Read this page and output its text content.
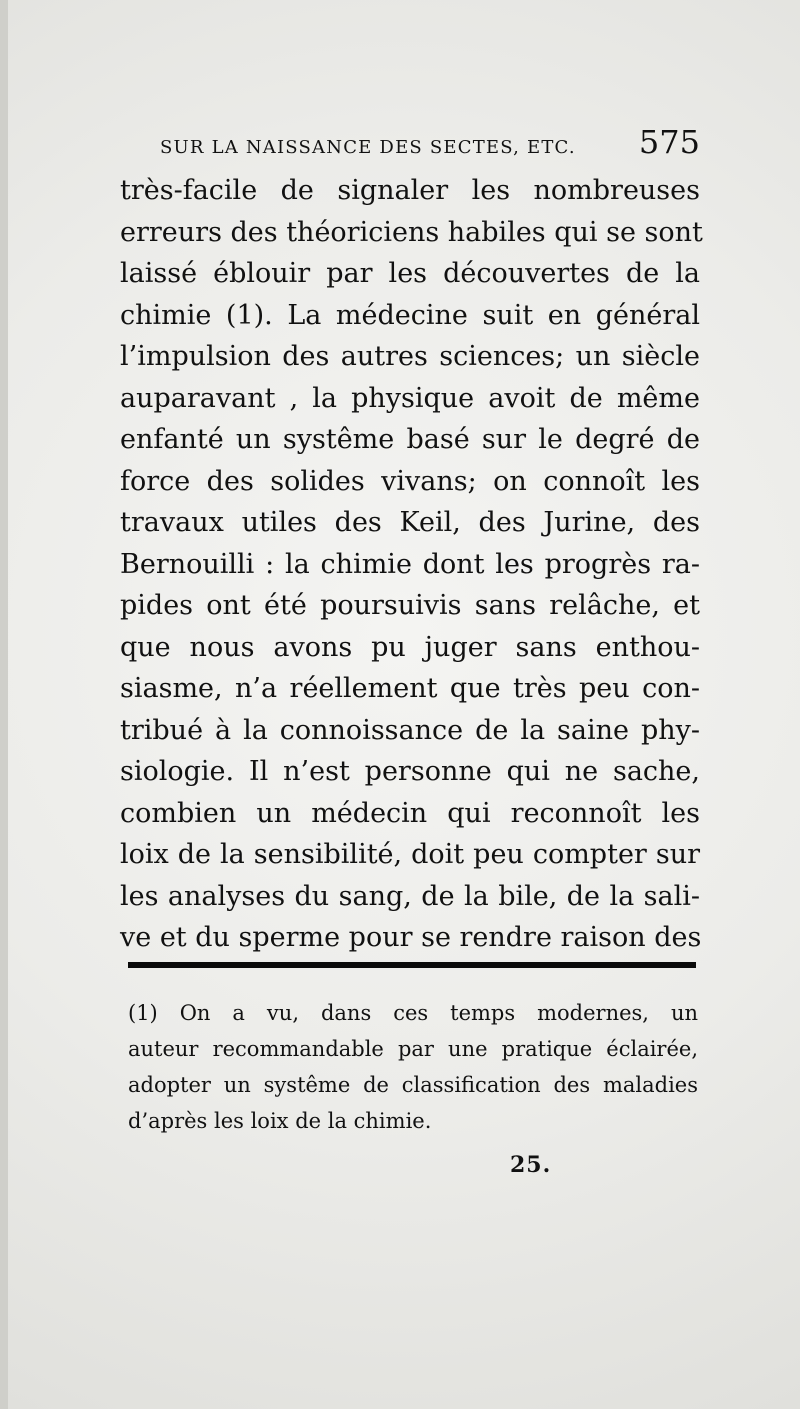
SUR LA NAISSANCE DES SECTES, ETC. 575
très-facile de signaler les nombreuses
erreurs des théoriciens habiles qui se sont
laissé éblouir par les découvertes de la
chimie (1). La médecine suit en général
l’impulsion des autres sciences; un siècle
auparavant , la physique avoit de même
enfanté un systême basé sur le degré de
force des solides vivans; on connoît les
travaux utiles des Keil, des Jurine, des
Bernouilli : la chimie dont les progrès ra-
pides ont été poursuivis sans relâche, et
que nous avons pu juger sans enthou-
siasme, n’a réellement que très peu con-
tribué à la connoissance de la saine phy-
siologie. Il n’est personne qui ne sache,
combien un médecin qui reconnoît les
loix de la sensibilité, doit peu compter sur
les analyses du sang, de la bile, de la sali-
ve et du sperme pour se rendre raison des
(1) On a vu, dans ces temps modernes, un
auteur recommandable par une pratique éclairée,
adopter un systême de classification des maladies
d’après les loix de la chimie.
25.
